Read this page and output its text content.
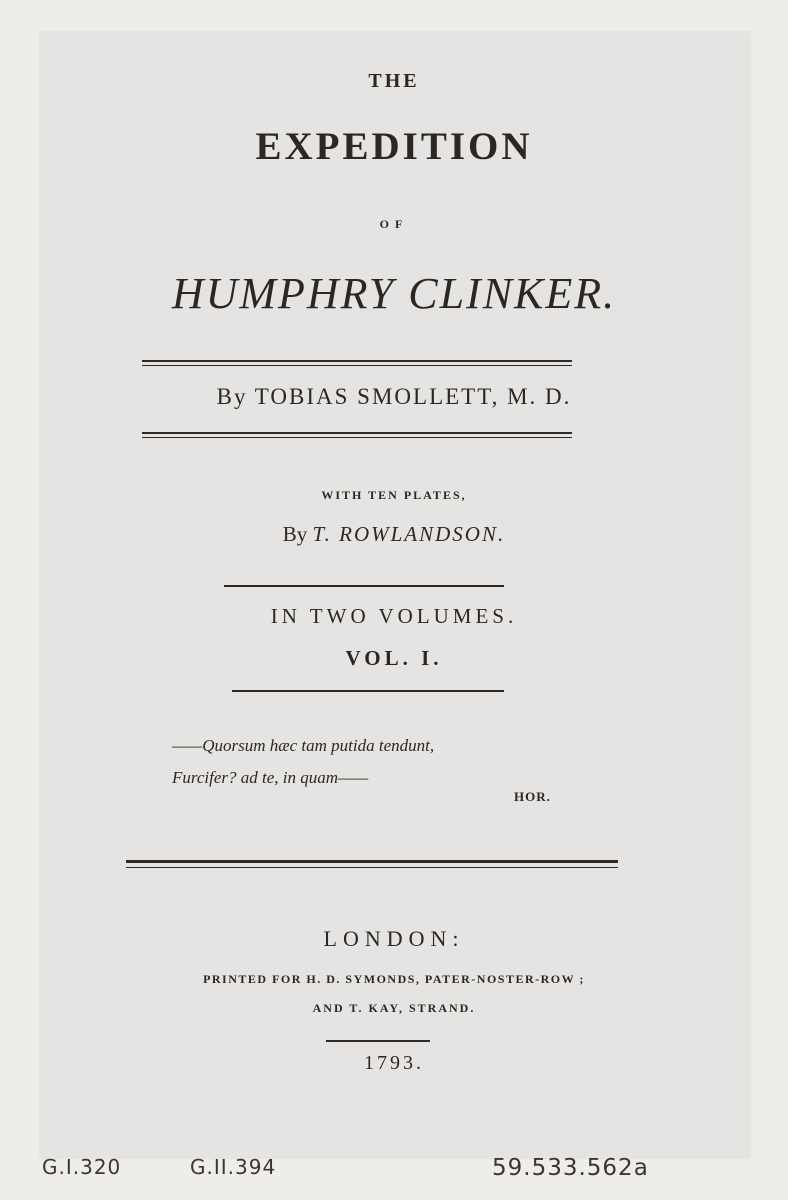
THE
EXPEDITION
OF
HUMPHRY CLINKER.
By TOBIAS SMOLLETT, M. D.
WITH TEN PLATES,
By T. ROWLANDSON.
IN TWO VOLUMES.
VOL. I.
——Quorsum hæc tam putida tendunt,
Furcifer? ad te, in quam——
HOR.
LONDON:
PRINTED FOR H. D. SYMONDS, PATER-NOSTER-ROW ;
AND T. KAY, STRAND.
1793.
G.I.320	G.II.394	59.533.562a
